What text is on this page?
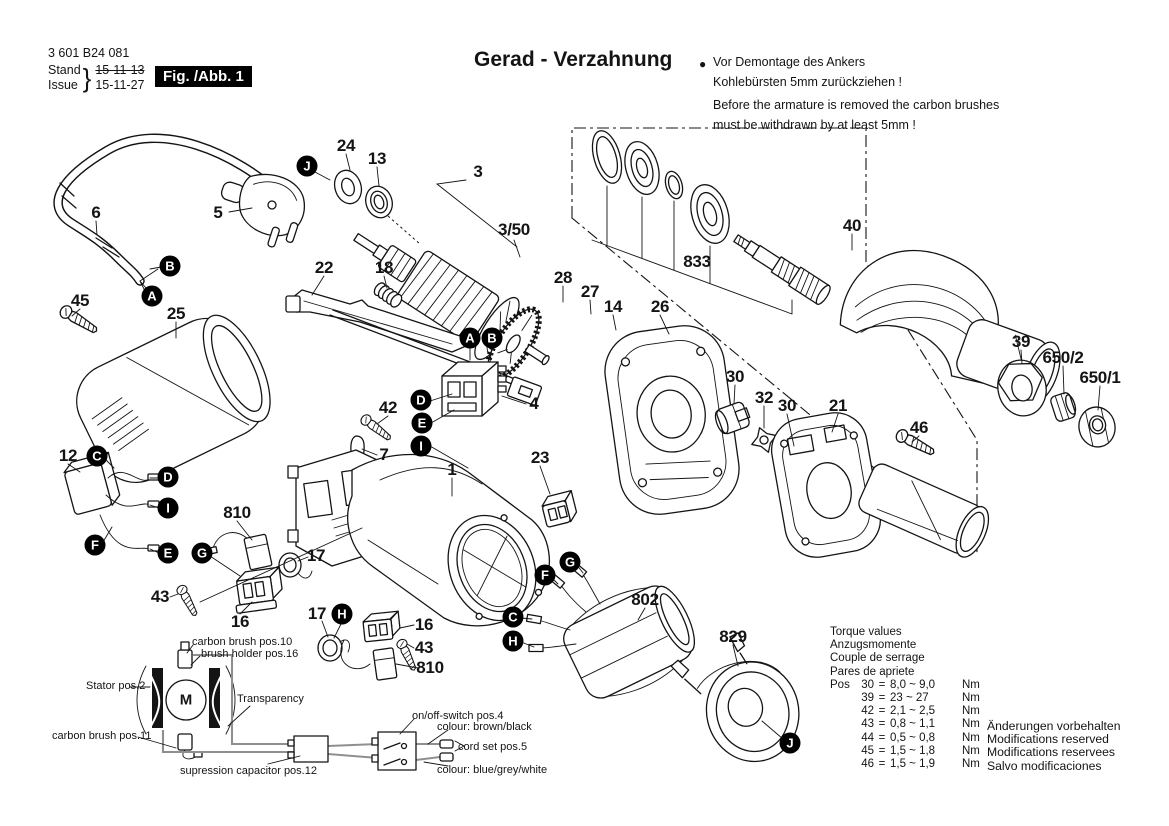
3 601 B24 081
Stand
Issue } 15-11-13
15-11-27	Fig. /Abb. 1
Gerad - Verzahnung ● Vor Demontage des Ankers
Kohlebürsten 5mm zurückziehen !
Before the armature is removed the carbon brushes
must be withdrawn by at least 5mm !
24
13
3
3/50
5
6
22 18
28
27
14 26
833
45
25
40
39
650/2
650/1
30
32 30 21
46
42
7
4
1
23
12
810
17
43
16	17
16
43
810
802
829
J
B
A
A B
D
E
I
C
D
I
F
E	G
H
G
F
C
H
J
carbon brush pos.10
brush holder pos.16
Stator pos.2
Transparency
carbon brush pos.11
supression capacitor pos.12
on/off-switch pos.4
colour: brown/black
cord set pos.5
colour: blue/grey/white
M
Torque values
Anzugsmomente
Couple de serrage
Pares de apriete
Pos 30 = 8,0 ~ 9,0	Nm
39 = 23 ~ 27	Nm
42 = 2,1 ~ 2,5	Nm
43 = 0,8 ~ 1,1	Nm
44 = 0,5 ~ 0,8	Nm
45 = 1,5 ~ 1,8	Nm
46 = 1,5 ~ 1,9	Nm
Änderungen vorbehalten
Modifications reserved
Modifications reservees
Salvo modificaciones
